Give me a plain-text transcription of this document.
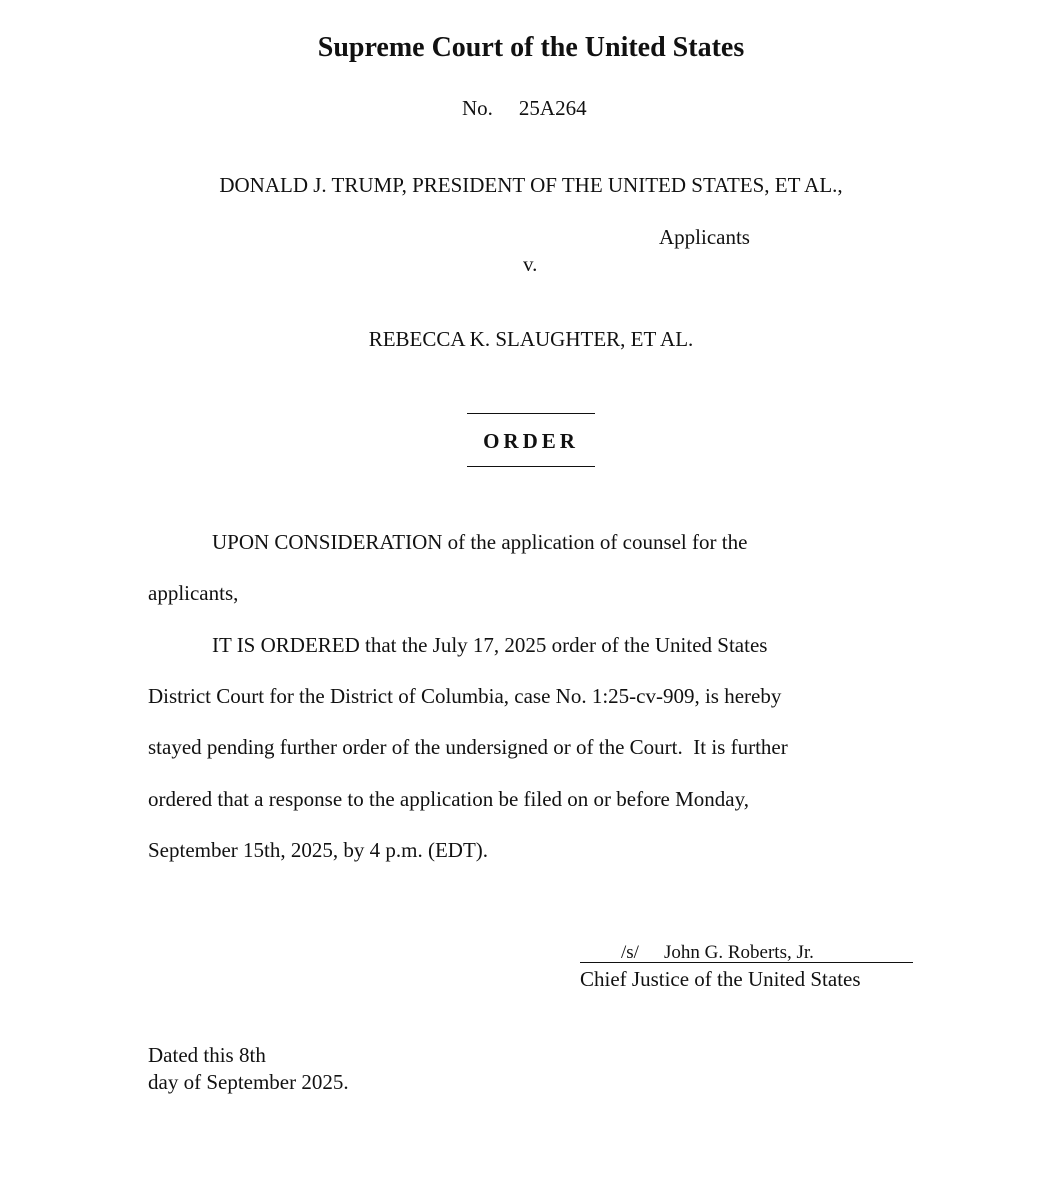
Supreme Court of the United States
No. 25A264
DONALD J. TRUMP, PRESIDENT OF THE UNITED STATES, ET AL.,
Applicants
v.
REBECCA K. SLAUGHTER, ET AL.
ORDER
UPON CONSIDERATION of the application of counsel for the
applicants,
IT IS ORDERED that the July 17, 2025 order of the United States
District Court for the District of Columbia, case No. 1:25-cv-909, is hereby
stayed pending further order of the undersigned or of the Court.  It is further
ordered that a response to the application be filed on or before Monday,
September 15th, 2025, by 4 p.m. (EDT).
/s/ John G. Roberts, Jr.
Chief Justice of the United States
Dated this 8th
day of September 2025.
